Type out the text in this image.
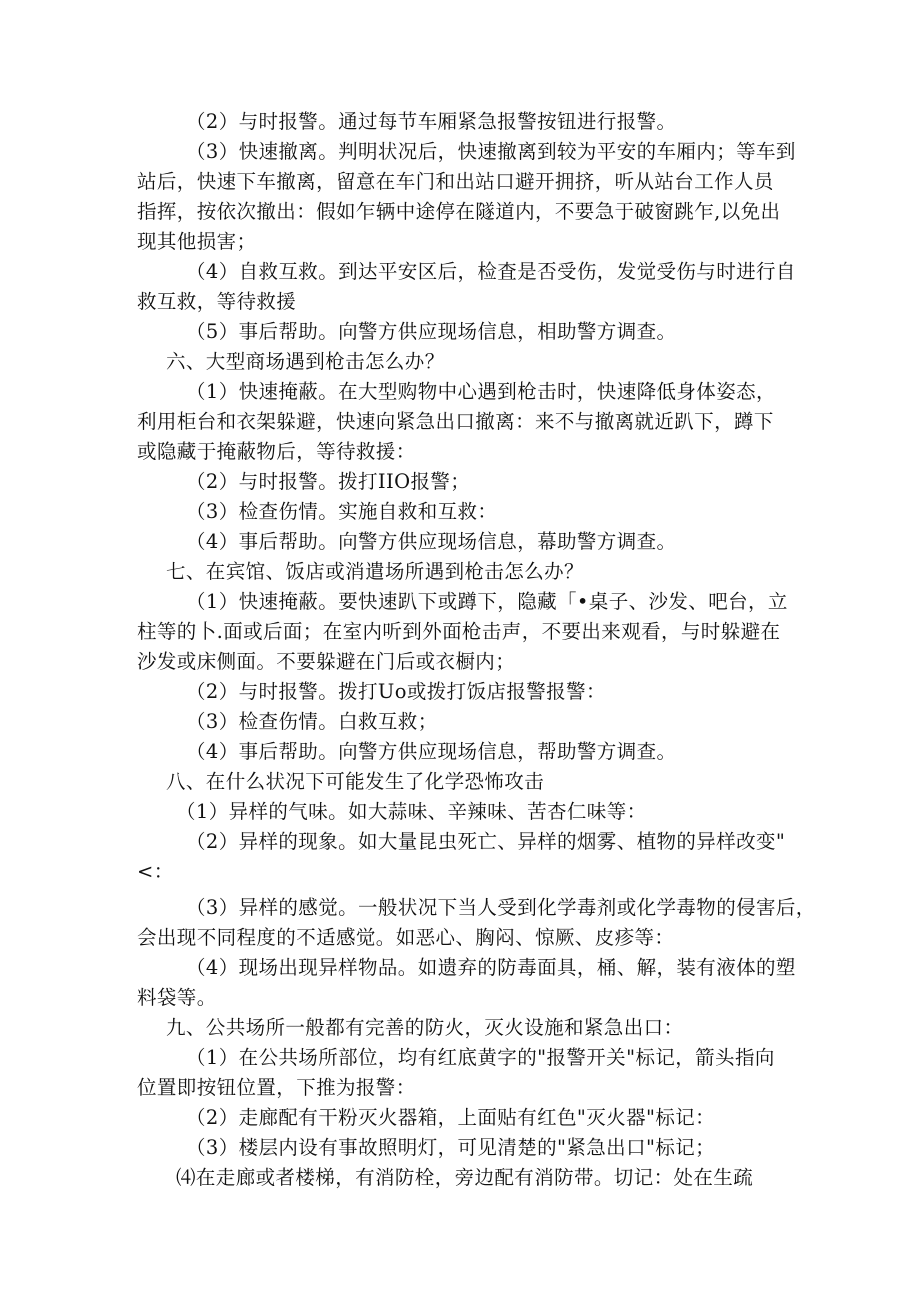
（2）与时报警。通过每节车厢紧急报警按钮进行报警。
（3）快速撤离。判明状况后，快速撤离到较为平安的车厢内；等车到
站后，快速下车撤离，留意在车门和出站口避开拥挤，听从站台工作人员
指挥，按依次撤出：假如乍辆中途停在隧道内，不要急于破窗跳乍,以免出
现其他损害；
（4）自救互救。到达平安区后，检査是否受伤，发觉受伤与时进行自
救互救，等待救援
（5）事后帮助。向警方供应现场信息，相助警方调查。
六、大型商场遇到枪击怎么办？
（1）快速掩蔽。在大型购物中心遇到枪击时，快速降低身体姿态，
利用柜台和衣架躲避，快速向紧急出口撤离：来不与撤离就近趴下，蹲下
或隐藏于掩蔽物后，等待救援：
（2）与时报警。拨打IIO报警；
（3）检查伤情。实施自救和互救：
（4）事后帮助。向警方供应现场信息，幕助警方调查。
七、在宾馆、饭店或消遣场所遇到枪击怎么办？
（1）快速掩蔽。要快速趴下或蹲下，隐藏「•桌子、沙发、吧台，立
柱等的卜.面或后面；在室内听到外面枪击声，不要出来观看，与时躲避在
沙发或床侧面。不要躲避在门后或衣橱内；
（2）与时报警。拨打Uo或拨打饭店报警报警：
（3）检查伤情。白救互救；
（4）事后帮助。向警方供应现场信息，帮助警方调查。
八、在什么状况下可能发生了化学恐怖攻击
（1）异样的气味。如大蒜味、辛辣味、苦杏仁味等：
（2）异样的现象。如大量昆虫死亡、异样的烟雾、植物的异样改变"
<：
（3）异样的感觉。一般状况下当人受到化学毒剂或化学毒物的侵害后，
会出现不同程度的不适感觉。如恶心、胸闷、惊厥、皮疹等：
（4）现场出现异样物品。如遗弃的防毒面具，桶、解，装有液体的塑
料袋等。
九、公共场所一般都有完善的防火，灭火设施和紧急出口：
（1）在公共场所部位，均有红底黄字的"报警开关"标记，箭头指向
位置即按钮位置，下推为报警：
（2）走廊配有干粉灭火器箱，上面贴有红色"灭火器"标记：
（3）楼层内设有事故照明灯，可见清楚的"紧急出口"标记；
⑷在走廊或者楼梯，有消防栓，旁边配有消防带。切记：处在生疏
